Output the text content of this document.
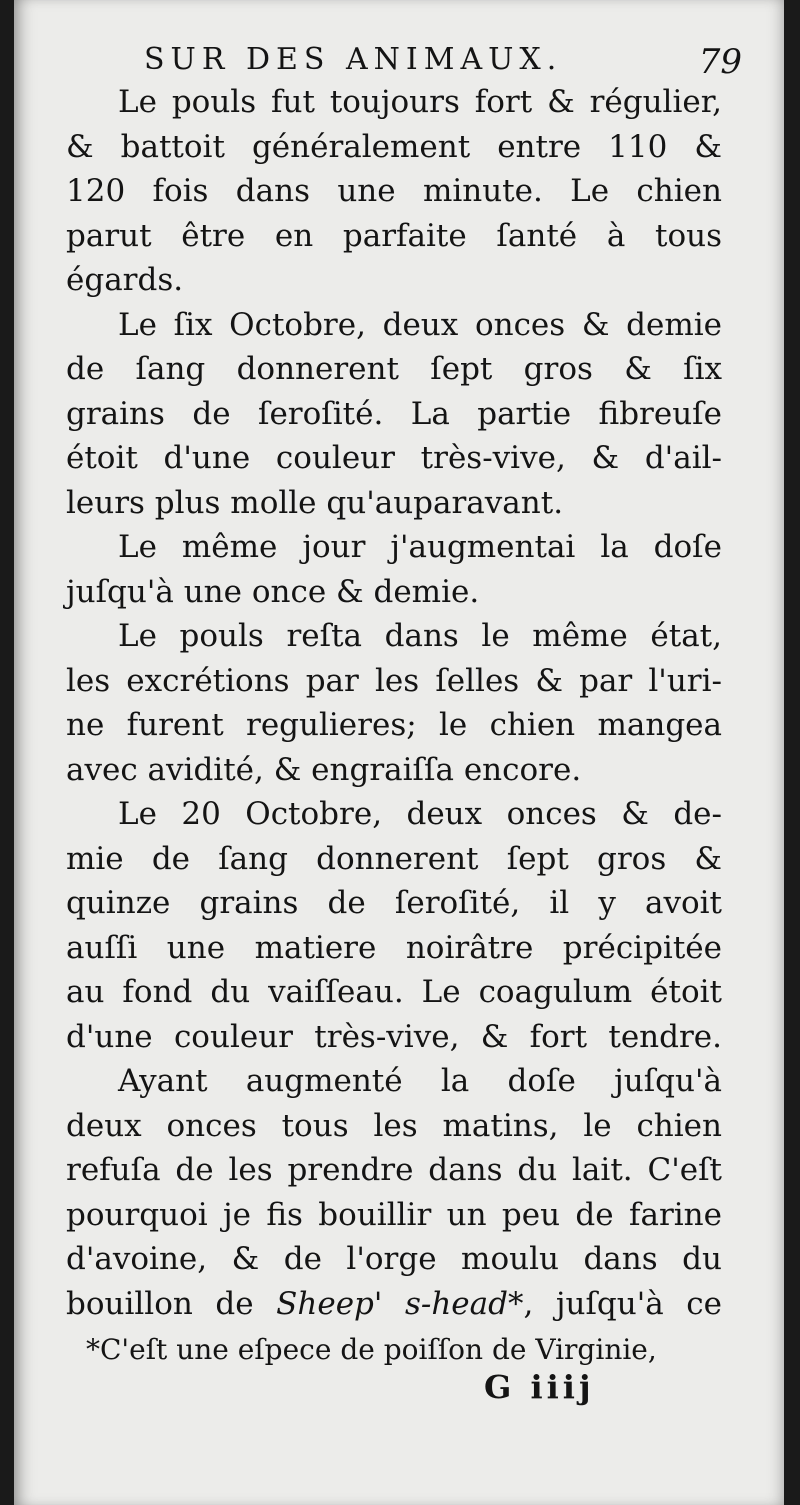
SUR DES ANIMAUX.	79
Le pouls fut toujours fort & régulier,
& battoit généralement entre 110 &
120 fois dans une minute. Le chien
parut être en parfaite ſanté à tous
égards.
Le ſix Octobre, deux onces & demie
de ſang donnerent ſept gros & ſix
grains de ſeroſité. La partie fibreuſe
étoit d'une couleur très-vive, & d'ail-
leurs plus molle qu'auparavant.
Le même jour j'augmentai la doſe
juſqu'à une once & demie.
Le pouls reſta dans le même état,
les excrétions par les ſelles & par l'uri-
ne furent regulieres; le chien mangea
avec avidité, & engraiſſa encore.
Le 20 Octobre, deux onces & de-
mie de ſang donnerent ſept gros &
quinze grains de ſeroſité, il y avoit
auſſi une matiere noirâtre précipitée
au fond du vaiſſeau. Le coagulum étoit
d'une couleur très-vive, & fort tendre.
Ayant augmenté la doſe juſqu'à
deux onces tous les matins, le chien
refuſa de les prendre dans du lait. C'eſt
pourquoi je fis bouillir un peu de farine
d'avoine, & de l'orge moulu dans du
bouillon de Sheep' s-head*, juſqu'à ce
*C'eſt une eſpece de poiſſon de Virginie,
G iiij
